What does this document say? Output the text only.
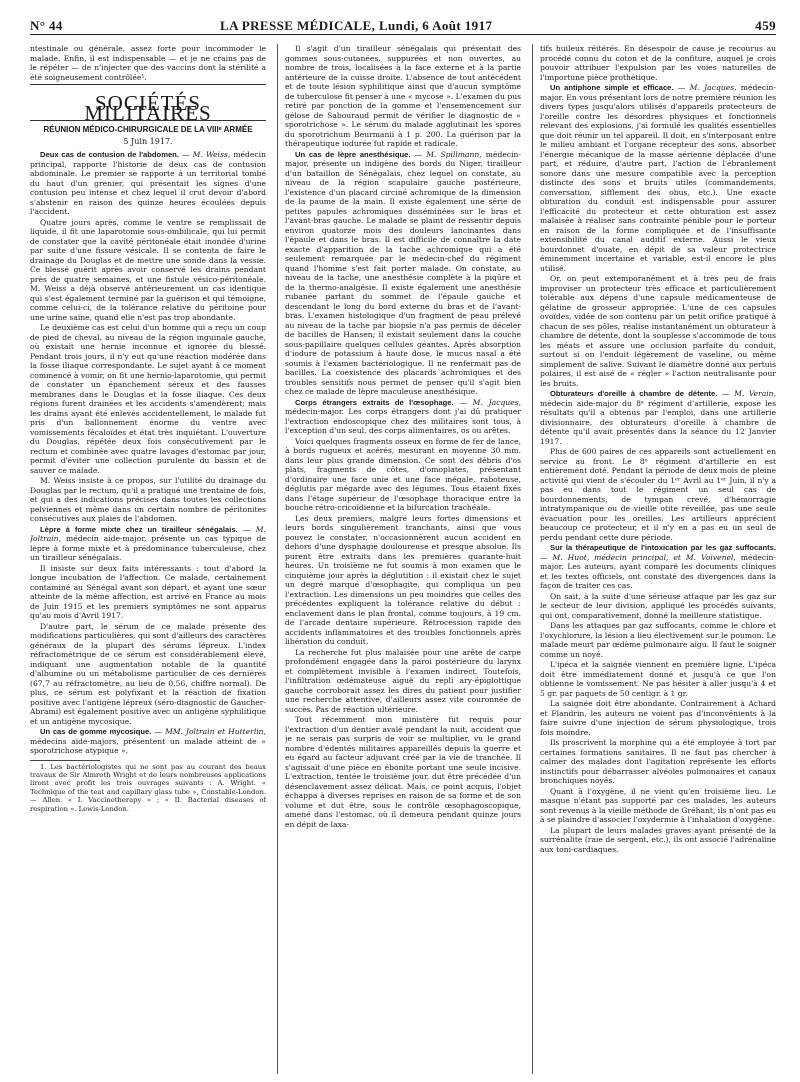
N° 44	LA PRESSE MÉDICALE, Lundi, 6 Août 1917	459

ntestinale ou générale, assez forte pour incommoder le malade. Enfin, il est indispensable — et je ne crains pas de le répéter — de n'injecter que des vaccins dont la stérilité a été soigneusement contrôlée¹.

SOCIÉTÉS MILITAIRES
RÉUNION MÉDICO-CHIRURGICALE DE LA VIIIᵉ ARMÉE
5 Juin 1917.

Deux cas de contusion de l'abdomen. — M. Weiss, médecin principal, rapporte l'historie de deux cas de contusion abdominale. Le premier se rapporte à un territorial tombé du haut d'un grenier, qui présentait les signes d'une contusion peu intense et chez lequel il crut devoir d'abord s'abstenir en raison des quinze heures écoulées depuis l'accident.

Quatre jours après, comme le ventre se remplissait de liquide, il fit une laparotomie sous-ombilicale, qui lui permit de constater que la cavité péritonéale était inondée d'urine par suite d'une fissure vésicale. Il se contenta de faire le drainage du Douglas et de mettre une sonde dans la vessie. Ce blessé guérit après avoir conservé les drains pendant près de quatre semaines, et une fistule vésico-péritonéale. M. Weiss a déjà observé antérieurement un cas identique qui s'est également terminé par la guérison et qui témoigne, comme celui-ci, de la tolérance relative du péritoine pour une urine saine, quand elle n'est pas trop abondante.

Le deuxième cas est celui d'un homme qui a reçu un coup de pied de cheval, au niveau de la région inguinale gauche, où existait une hernie inconnue et ignorée du blessé. Pendant trois jours, il n'y eut qu'une réaction modérée dans la fosse iliaque correspondante. Le sujet ayant à ce moment commencé à vomir, on fit une hernio-laparotomie, qui permit de constater un épanchement séreux et des fausses membranes dans le Douglas et la fosse iliaque. Ces deux régions furent drainées et les accidents s'amendèrent; mais les drains ayant été enlevés accidentellement, le malade fut pris d'un ballonnement énorme du ventre avec vomissements fécaloïdes et état très inquiétant. L'ouverture du Douglas, répétée deux fois consécutivement par le rectum et combinée avec quatre lavages d'estomac par jour, permit d'éviter une collection purulente du bassin et de sauver ce malade.

M. Weiss insiste à ce propos, sur l'utilité du drainage du Douglas par le rectum, qu'il a pratiqué une trentaine de fois, et qui a des indications précises dans toutes les collections pelviennes et même dans un certain nombre de péritonites consécutives aux plaies de l'abdomen.

Lèpre à forme mixte chez un tirailleur sénégalais. — M. Joltrain, médecin aide-major, présente un cas typique de lèpre à forme mixte et à prédominance tuberculeuse, chez un tirailleur sénégalais.

Il insiste sur deux faits intéressants : tout d'abord la longue incubation de l'affection. Ce malade, certainement contaminé au Sénégal avant son départ, et ayant une sœur atteinte de la même affection, est arrivé en France au mois de Juin 1915 et les premiers symptômes ne sont apparus qu'au mois d'Avril 1917.

D'autre part, le sérum de ce malade présente des modifications particulières, qui sont d'ailleurs des caractères généraux de la plupart des sérums lépreux. L'index réfractométrique de ce sérum est considérablement élevé, indiquant une augmentation notable de la quantité d'albumine ou un métabolisme particulier de ces dernières (67,7 au réfractomètre, au lieu de 0,56, chiffre normal). De plus, ce sérum est polyfixant et la réaction de fixation positive avec l'antigène lépreux (séro-diagnostic de Gaucher-Abrami) est également positive avec un antigène syphilitique et un antigène mycosique.

Un cas de gomme mycosique. — MM. Joltrain et Hutterlin, médecins aide-majors, présentent un malade atteint de « sporotrichose atypique ».

1. Les bactériologistes qui ne sont pas au courant des beaux travaux de Sir Almroth Wright et de leurs nombreuses applications liront avec profit les trois ouvrages suivants : A. Wright. « Technique of the teat and capillary glass tube », Constable-London. — Allen. « I. Vaccinetherapy » ; « II. Bacterial diseases of respiration ». Lewis-London.

Il s'agit d'un tirailleur sénégalais qui présentait des gommes sous-cutanées, suppurées et non ouvertes, au nombre de trois, localisées à la face externe et à la partie antérieure de la cuisse droite. L'absence de tout antécédent et de toute lésion syphilitique ainsi que d'aucun symptôme de tuberculose fit penser à une « mycose ». L'examen du pus retiré par ponction de la gomme et l'ensemencement sur gélose de Sabouraud permit de vérifier le diagnostic de « sporotrichose ». Le sérum du malade agglutinait les spores du sporotrichum Beurmanii à 1 p. 200. La guérison par la thérapeutique iodurée fut rapide et radicale.

Un cas de lèpre anesthésique. — M. Spillmann, médecin-major, présente un indigène des bords du Niger, tirailleur d'un bataillon de Sénégalais, chez lequel on constate, au niveau de la région scapulaire gauche postérieure, l'existence d'un placard circiné achromique de la dimension de la paume de la main. Il existe également une série de petites papules achromiques disséminées sur le bras et l'avant-bras gauche. Le malade se plaint de ressentir depuis environ quatorze mois des douleurs lancinantes dans l'épaule et dans le bras. Il est difficile de connaître la date exacte d'apparition de la tache achromique qui a été seulement remarquée par le médecin-chef du régiment quand l'homme s'est fait porter malade. On constate, au niveau de la tache, une anesthésie complète à la piqûre et de la thermo-analgésie. Il existe également une anesthésie rubanée partant du sommet de l'épaule gauche et descendant le long du bord externe du bras et de l'avant-bras. L'examen histologique d'un fragment de peau prélevé au niveau de la tache par biopsie n'a pas permis de déceler de bacilles de Hansen; il existait seulement dans la couche sous-papillaire quelques cellules géantes. Après absorption d'iodure de potassium à haute dose, le mucus nasal a été soumis à l'examen bactériologique. Il ne renfermait pas de bacilles. La coexistence des placards achromiques et des troubles sensitifs nous permet de penser qu'il s'agit bien chez ce malade de lèpre maculeuse anesthésique.

Corps étrangers extraits de l'œsophage. — M. Jacques, médecin-major. Les corps étrangers dont j'ai dû pratiquer l'extraction endoscopique chez des militaires sont tous, à l'exception d'un seul, des corps alimentaires, os ou arêtes.

Voici quelques fragments osseux en forme de fer de lance, à bords rugueux et acérés, mesurant en moyenne 30 mm. dans leur plus grande dimension. Ce sont des débris d'os plats, fragments de côtes, d'omoplates, présentant d'ordinaire une face unie et une face inégale, raboteuse, déglutis par mégarde avec des légumes. Tous étaient fixés dans l'étage supérieur de l'œsophage thoracique entre la bouche rétro-cricoïdienne et la bifurcation trachéale.

Les deux premiers, malgré leurs fortes dimensions et leurs bords singulièrement tranchants, ainsi que vous pouvez le constater, n'occasionnèrent aucun accident en dehors d'une dysphagie douloureuse et presque absolue. Ils purent être extraits dans les premières quarante-huit heures. Un troisième ne fut soumis à mon examen que le cinquième jour après la déglutition : il existait chez le sujet un degré marqué d'œsophagite, qui compliqua un peu l'extraction. Les dimensions un peu moindres que celles des précédentes expliquent la tolérance relative du début : enclavement dans le plan frontal, comme toujours, à 19 cm. de l'arcade dentaire supérieure. Rétrocession rapide des accidents inflammatoires et des troubles fonctionnels après libération du conduit.

La recherche fut plus malaisée pour une arête de carpe profondément engagée dans la paroi postérieure du larynx et complètement invisible à l'examen indirect. Toutefois, l'infiltration œdémateuse aiguë du repli ary-épiglottique gauche corroborait assez les dires du patient pour justifier une recherche attentive, d'ailleurs assez vite couronnée de succès. Pas de réaction ultérieure.

Tout récemment mon ministère fut requis pour l'extraction d'un dentier avalé pendant la nuit, accident que je ne serais pas surpris de voir se multiplier, vu le grand nombre d'édentés militaires appareillés depuis la guerre et eu égard au facteur adjuvant créé par la vie de tranchée. Il s'agissait d'une pièce en ébonite portant une seule incisive. L'extraction, tentée le troisième jour, dut être précédée d'un désenclavement assez délicat. Mais, ce point acquis, l'objet échappa à diverses reprises en raison de sa forme et de son volume et dut être, sous le contrôle œsophagoscopique, amené dans l'estomac, où il demeura pendant quinze jours en dépit de laxa-

tifs huileux réitérés. En désespoir de cause je recourus au procédé connu du coton et de la confiture, auquel je crois pouvoir attribuer l'expulsion par les voies naturelles de l'importune pièce prothétique.

Un antiphone simple et efficace. — M. Jacques, médecin-major. En vous présentant lors de notre première réunion les divers types jusqu'alors utilisés d'appareils protecteurs de l'oreille contre les désordres physiques et fonctionnels relevant des explosions, j'ai formulé les qualités essentielles que doit réunir un tel appareil. Il doit, en s'interposant entre le milieu ambiant et l'organe récepteur des sons, absorber l'énergie mécanique de la masse aérienne déplacée d'une part, et réduire, d'autre part, l'action de l'ébranlement sonore dans une mesure compatible avec la perception distincte des sons et bruits utiles (commandements, conversation, sifflement des obus, etc.). Une exacte obturation du conduit est indispensable pour assurer l'efficacité du protecteur et cette obturation est assez malaisée à réaliser sans contrainte pénible pour le porteur en raison de la forme compliquée et de l'insuffisante extensibilité du canal auditif externe. Aussi le vieux bourdonnet d'ouate, en dépit de sa valeur protectrice éminemment incertaine et variable, est-il encore le plus utilisé.

Or, on peut extemporanément et à très peu de frais improviser un protecteur très efficace et particulièrement tolérable aux dépens d'une capsule médicamenteuse de gélatine de grosseur appropriée. L'une de ces capsules ovoïdes, vidée de son contenu par un petit orifice pratiqué à chacun de ses pôles, réalise instantanément un obturateur à chambre de détente, dont la souplesse s'accommode de tous les méats et assure une occlusion parfaite du conduit, surtout si on l'enduit légèrement de vaseline, ou même simplement de salive. Suivant le diamètre donné aux pertuis polaires, il est aisé de « régler » l'action neutralisante pour les bruits.

Obturateurs d'oreille à chambre de détente. — M. Verain, médecin aide-major du 8ᵉ régiment d'artillerie, expose les résultats qu'il a obtenus par l'emploi, dans une artillerie divisionnaire, des obturateurs d'oreille à chambre de détente qu'il avait présentés dans la séance du 12 Janvier 1917.

Plus de 600 paires de ces appareils sont actuellement en service au front. Le 8ᵉ régiment d'artillerie en est entièrement doté. Pendant la période de deux mois de pleine activité qui vient de s'écouler du 1ᵉʳ Avril au 1ᵉʳ Juin, il n'y a pas eu dans tout le régiment un seul cas de bourdonnements, de tympan crevé, d'hémorragie intratympanique ou de vieille otite réveillée, pas une seule évacuation pour les oreilles. Les artilleurs apprécient beaucoup ce protecteur, et il n'y en a pas eu un seul de perdu pendant cette dure période.

Sur la thérapeutique de l'intoxication par les gaz suffocants. — M. Huot, médecin principal, et M. Voivenel, médecin-major. Les auteurs, ayant comparé les documents cliniques et les textes officiels, ont constaté des divergences dans la façon de traiter ces cas.

On sait, à la suite d'une sérieuse attaque par les gaz sur le secteur de leur division, appliqué les procédés suivants, qui ont, comparativement, donné la meilleure statistique.

Dans les attaques par gaz suffocants, comme le chlore et l'oxychlorure, la lésion a lieu électivement sur le poumon. Le malade meurt par œdème pulmonaire aigu. Il faut le soigner comme un noyé.

L'ipéca et la saignée viennent en première ligne. L'ipéca doit être immédiatement donné et jusqu'à ce que l'on obtienne le vomissement. Ne pas hésiter à aller jusqu'à 4 et 5 gr. par paquets de 50 centigr. à 1 gr.

La saignée doit être abondante. Contrairement à Achard et Flandrin, les auteurs ne voient pas d'inconvénients à la faire suivre d'une injection de sérum physiologique, trois fois moindre.

Ils proscrivent la morphine qui a été employée à tort par certaines formations sanitaires. Il ne faut pas chercher à calmer des malades dont l'agitation représente les efforts instinctifs pour débarrasser alvéoles pulmonaires et canaux bronchiques noyés.

Quant à l'oxygène, il ne vient qu'en troisième lieu. Le masque n'étant pas supporté par ces malades, les auteurs sont revenus à la vieille méthode de Gréhant, ils n'ont pas eu à se plaindre d'associer l'oxydermie à l'inhalation d'oxygène.

La plupart de leurs malades graves ayant présenté de la surrénalite (raie de sergent, etc.), ils ont associé l'adrénaline aux toni-cardiaques.
